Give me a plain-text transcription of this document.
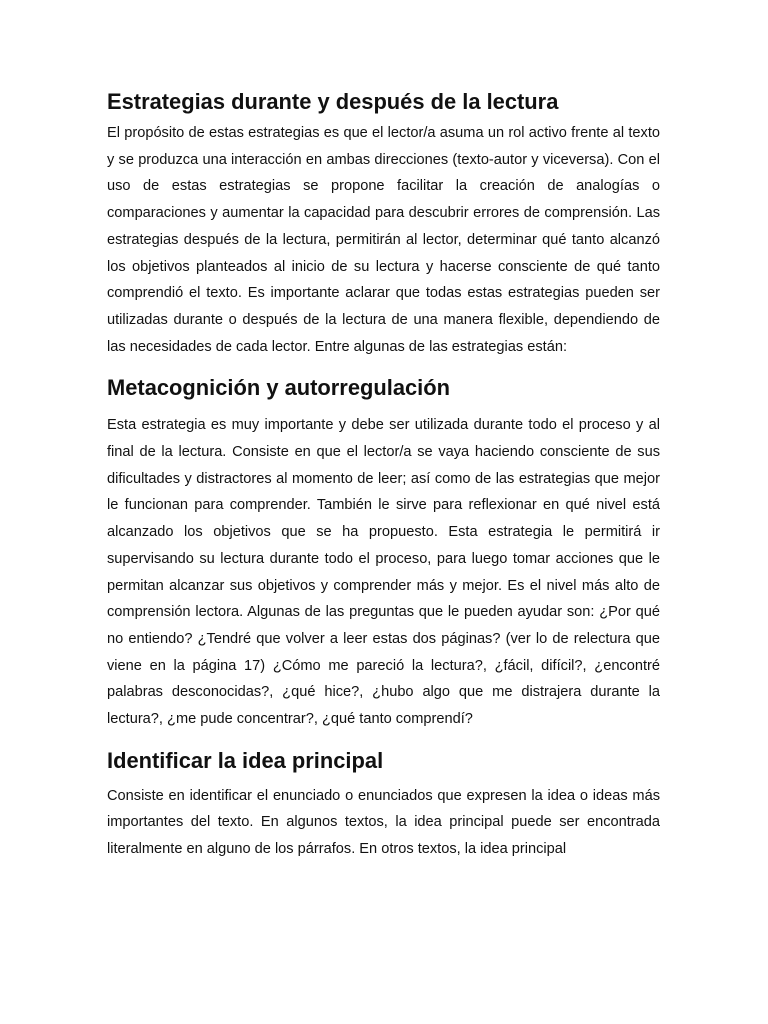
Estrategias durante y después de la lectura

El propósito de estas estrategias es que el lector/a asuma un rol activo frente al texto y se produzca una interacción en ambas direcciones (texto-autor y viceversa). Con el uso de estas estrategias se propone facilitar la creación de analogías o comparaciones y aumentar la capacidad para descubrir errores de comprensión. Las estrategias después de la lectura, permitirán al lector, determinar qué tanto alcanzó los objetivos planteados al inicio de su lectura y hacerse consciente de qué tanto comprendió el texto. Es importante aclarar que todas estas estrategias pueden ser utilizadas durante o después de la lectura de una manera flexible, dependiendo de las necesidades de cada lector. Entre algunas de las estrategias están:

Metacognición y autorregulación

Esta estrategia es muy importante y debe ser utilizada durante todo el proceso y al final de la lectura. Consiste en que el lector/a se vaya haciendo consciente de sus dificultades y distractores al momento de leer; así como de las estrategias que mejor le funcionan para comprender. También le sirve para reflexionar en qué nivel está alcanzado los objetivos que se ha propuesto. Esta estrategia le permitirá ir supervisando su lectura durante todo el proceso, para luego tomar acciones que le permitan alcanzar sus objetivos y comprender más y mejor. Es el nivel más alto de comprensión lectora. Algunas de las preguntas que le pueden ayudar son: ¿Por qué no entiendo? ¿Tendré que volver a leer estas dos páginas? (ver lo de relectura que viene en la página 17) ¿Cómo me pareció la lectura?, ¿fácil, difícil?, ¿encontré palabras desconocidas?, ¿qué hice?, ¿hubo algo que me distrajera durante la lectura?, ¿me pude concentrar?, ¿qué tanto comprendí?

Identificar la idea principal

Consiste en identificar el enunciado o enunciados que expresen la idea o ideas más importantes del texto. En algunos textos, la idea principal puede ser encontrada literalmente en alguno de los párrafos. En otros textos, la idea principal
